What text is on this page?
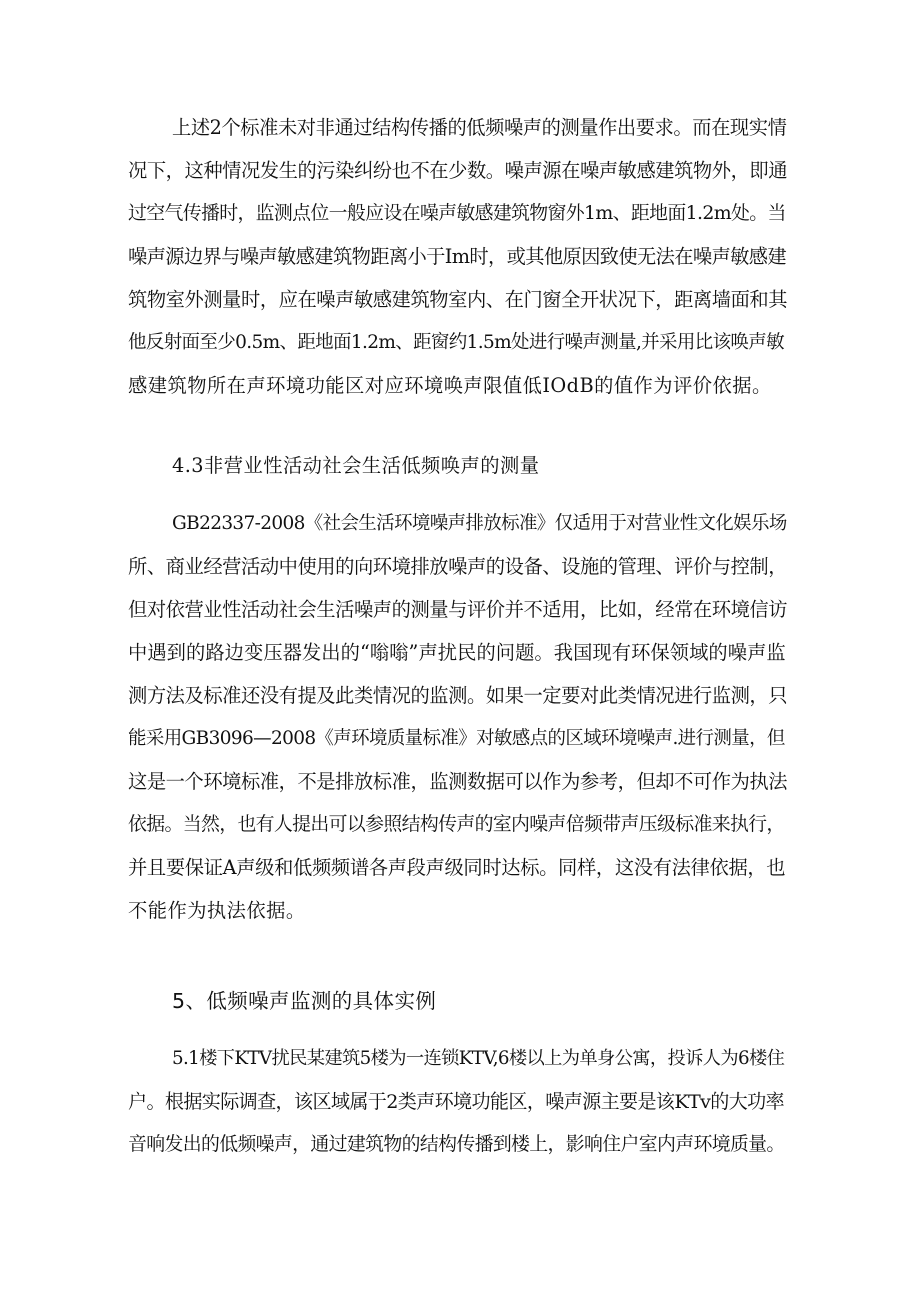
上述2个标准未对非通过结构传播的低频噪声的测量作出要求。而在现实情
况下，这种情况发生的污染纠纷也不在少数。噪声源在噪声敏感建筑物外，即通
过空气传播时，监测点位一般应设在噪声敏感建筑物窗外1m、距地面1.2m处。当
噪声源边界与噪声敏感建筑物距离小于Im时，或其他原因致使无法在噪声敏感建
筑物室外测量时，应在噪声敏感建筑物室内、在门窗全开状况下，距离墙面和其
他反射面至少0.5m、距地面1.2m、距窗约1.5m处进行噪声测量,并采用比该唤声敏
感建筑物所在声环境功能区对应环境唤声限值低IOdB的值作为评价依据。
4.3非营业性活动社会生活低频唤声的测量
GB22337-2008《社会生活环境噪声排放标准》仅适用于对营业性文化娱乐场
所、商业经营活动中使用的向环境排放噪声的设备、设施的管理、评价与控制，
但对依营业性活动社会生活噪声的测量与评价并不适用，比如，经常在环境信访
中遇到的路边变压器发出的“嗡嗡”声扰民的问题。我国现有环保领域的噪声监
测方法及标准还没有提及此类情况的监测。如果一定要对此类情况进行监测，只
能采用GB3096—2008《声环境质量标准》对敏感点的区域环境噪声.进行测量，但
这是一个环境标准，不是排放标准，监测数据可以作为参考，但却不可作为执法
依据。当然，也有人提出可以参照结构传声的室内噪声倍频带声压级标准来执行，
并且要保证A声级和低频频谱各声段声级同时达标。同样，这没有法律依据，也
不能作为执法依据。
5、低频噪声监测的具体实例
5.1楼下KTV扰民某建筑5楼为一连锁KTV,6楼以上为单身公寓，投诉人为6楼住
户。根据实际调查，该区域属于2类声环境功能区，噪声源主要是该KTv的大功率
音响发出的低频噪声，通过建筑物的结构传播到楼上，影响住户室内声环境质量。
